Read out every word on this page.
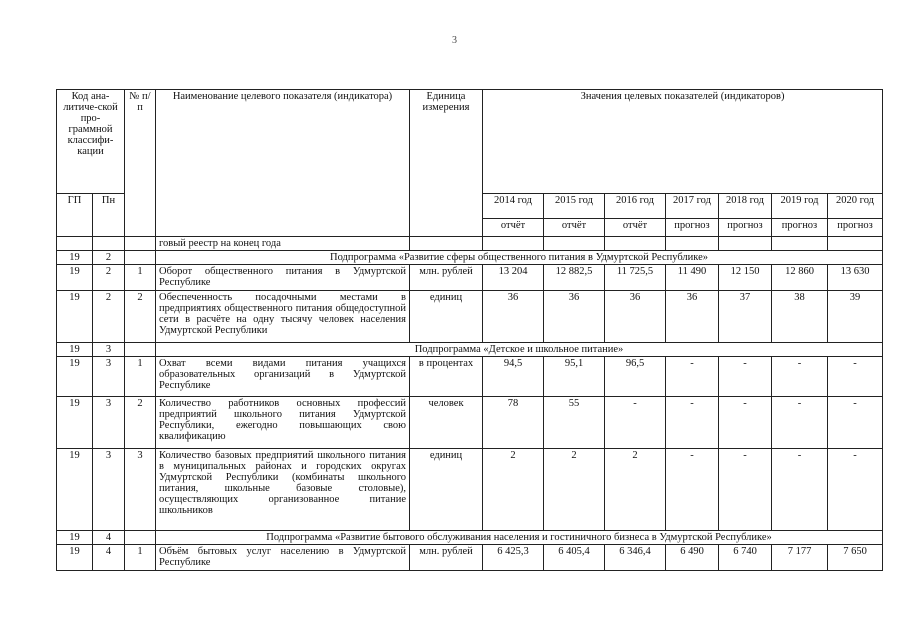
3
Код ана-литиче-ской про-граммной классифи-кации		№ п/п	Наименование целевого показателя (индикатора)	Единица измерения	Значения целевых показателей (индикаторов)						
ГП	Пн				2014 год	2015 год	2016 год	2017 год	2018 год	2019 год	2020 год
					отчёт	отчёт	отчёт	прогноз	прогноз	прогноз	прогноз
			говый реестр на конец года								
19	2		Подпрограмма «Развитие сферы общественного питания в Удмуртской Республике»								
19	2	1	Оборот общественного питания в Удмуртской Республике	млн. рублей	13 204	12 882,5	11 725,5	11 490	12 150	12 860	13 630
19	2	2	Обеспеченность посадочными местами в предприятиях общественного питания общедоступной сети в расчёте на одну тысячу человек населения Удмуртской Республики	единиц	36	36	36	36	37	38	39
19	3		Подпрограмма «Детское и школьное питание»								
19	3	1	Охват всеми видами питания учащихся образовательных организаций в Удмуртской Республике	в процентах	94,5	95,1	96,5	-	-	-	-
19	3	2	Количество работников основных профессий предприятий школьного питания Удмуртской Республики, ежегодно повышающих свою квалификацию	человек	78	55	-	-	-	-	-
19	3	3	Количество базовых предприятий школьного питания в муниципальных районах и городских округах Удмуртской Республики (комбинаты школьного питания, школьные базовые столовые), осуществляющих организованное питание школьников	единиц	2	2	2	-	-	-	-
19	4		Подпрограмма «Развитие бытового обслуживания населения и гостиничного бизнеса в Удмуртской Республике»								
19	4	1	Объём бытовых услуг населению в Удмуртской Республике	млн. рублей	6 425,3	6 405,4	6 346,4	6 490	6 740	7 177	7 650
